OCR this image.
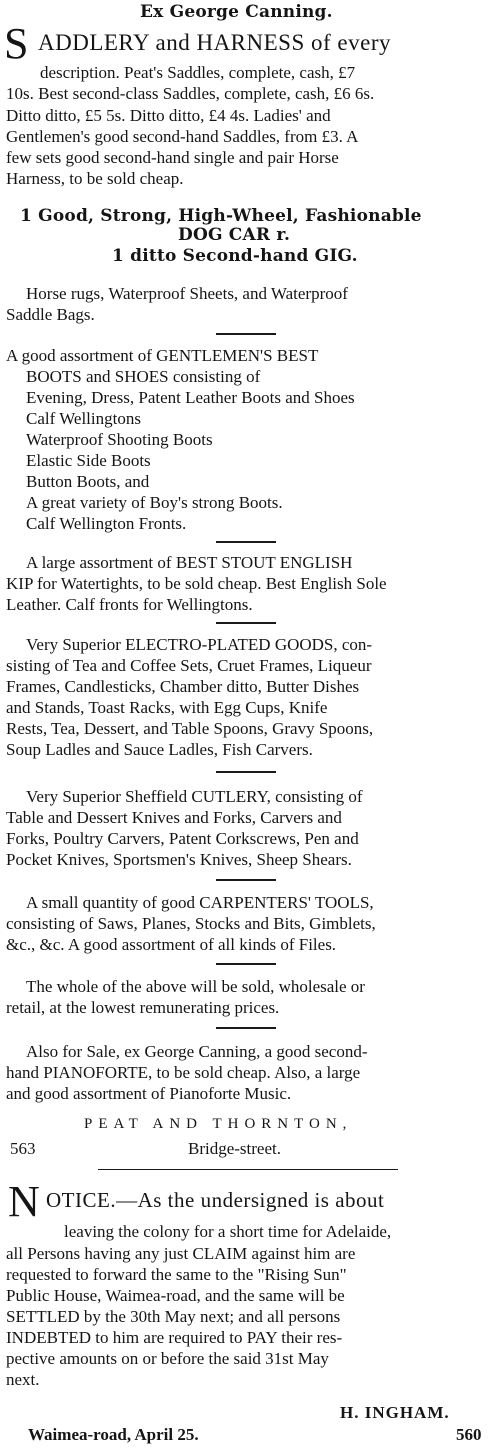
Ex George Canning.
S ADDLERY and HARNESS of every
description. Peat's Saddles, complete, cash, £7
10s. Best second-class Saddles, complete, cash, £6 6s.
Ditto ditto, £5 5s. Ditto ditto, £4 4s. Ladies' and
Gentlemen's good second-hand Saddles, from £3. A
few sets good second-hand single and pair Horse
Harness, to be sold cheap.
1 Good, Strong, High-Wheel, Fashionable
DOG CAR r.
1 ditto Second-hand GIG.
Horse rugs, Waterproof Sheets, and Waterproof
Saddle Bags.
A good assortment of GENTLEMEN'S BEST
BOOTS and SHOES consisting of
Evening, Dress, Patent Leather Boots and Shoes
Calf Wellingtons
Waterproof Shooting Boots
Elastic Side Boots
Button Boots, and
A great variety of Boy's strong Boots.
Calf Wellington Fronts.
A large assortment of BEST STOUT ENGLISH
KIP for Watertights, to be sold cheap. Best English Sole
Leather. Calf fronts for Wellingtons.
Very Superior ELECTRO-PLATED GOODS, con-
sisting of Tea and Coffee Sets, Cruet Frames, Liqueur
Frames, Candlesticks, Chamber ditto, Butter Dishes
and Stands, Toast Racks, with Egg Cups, Knife
Rests, Tea, Dessert, and Table Spoons, Gravy Spoons,
Soup Ladles and Sauce Ladles, Fish Carvers.
Very Superior Sheffield CUTLERY, consisting of
Table and Dessert Knives and Forks, Carvers and
Forks, Poultry Carvers, Patent Corkscrews, Pen and
Pocket Knives, Sportsmen's Knives, Sheep Shears.
A small quantity of good CARPENTERS' TOOLS,
consisting of Saws, Planes, Stocks and Bits, Gimblets,
&c., &c. A good assortment of all kinds of Files.
The whole of the above will be sold, wholesale or
retail, at the lowest remunerating prices.
Also for Sale, ex George Canning, a good second-
hand PIANOFORTE, to be sold cheap. Also, a large
and good assortment of Pianoforte Music.
PEAT AND THORNTON,
563	Bridge-street.
N OTICE.—As the undersigned is about
leaving the colony for a short time for Adelaide,
all Persons having any just CLAIM against him are
requested to forward the same to the "Rising Sun"
Public House, Waimea-road, and the same will be
SETTLED by the 30th May next; and all persons
INDEBTED to him are required to PAY their res-
pective amounts on or before the said 31st May
next.
H. INGHAM.
Waimea-road, April 25.	560
